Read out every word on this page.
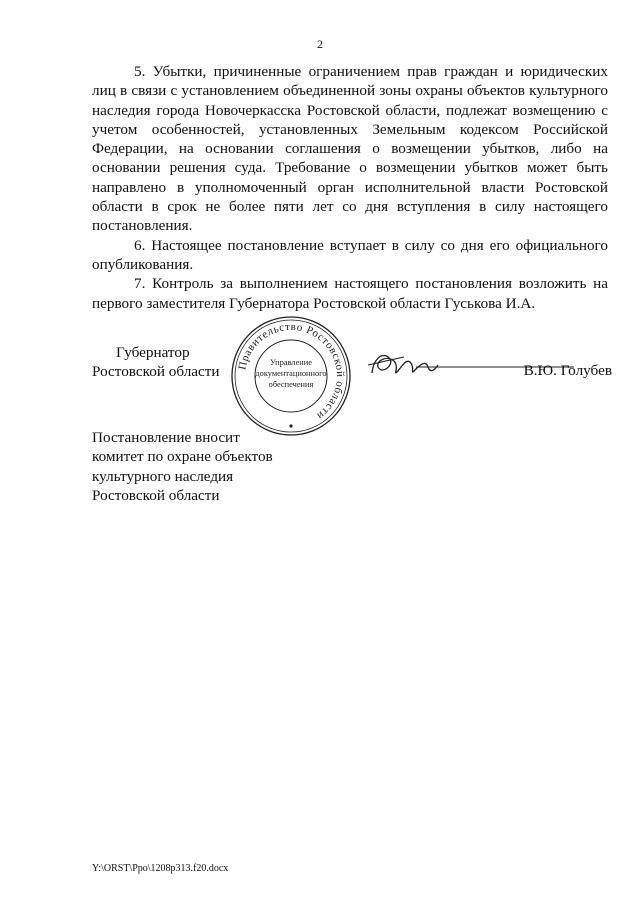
2

5. Убытки, причиненные ограничением прав граждан и юридических лиц в связи с установлением объединенной зоны охраны объектов культурного наследия города Новочеркасска Ростовской области, подлежат возмещению с учетом особенностей, установленных Земельным кодексом Российской Федерации, на основании соглашения о возмещении убытков, либо на основании решения суда. Требование о возмещении убытков может быть направлено в уполномоченный орган исполнительной власти Ростовской области в срок не более пяти лет со дня вступления в силу настоящего постановления.

6. Настоящее постановление вступает в силу со дня его официального опубликования.

7. Контроль за выполнением настоящего постановления возложить на первого заместителя Губернатора Ростовской области Гуськова И.А.

Губернатор
Ростовской области	Правительство Ростовской области
Управление
документационного
обеспечения
В.Ю. Голубев
Постановление вносит
комитет по охране объектов
культурного наследия
Ростовской области
Y:\ORST\Ppo\1208p313.f20.docx
